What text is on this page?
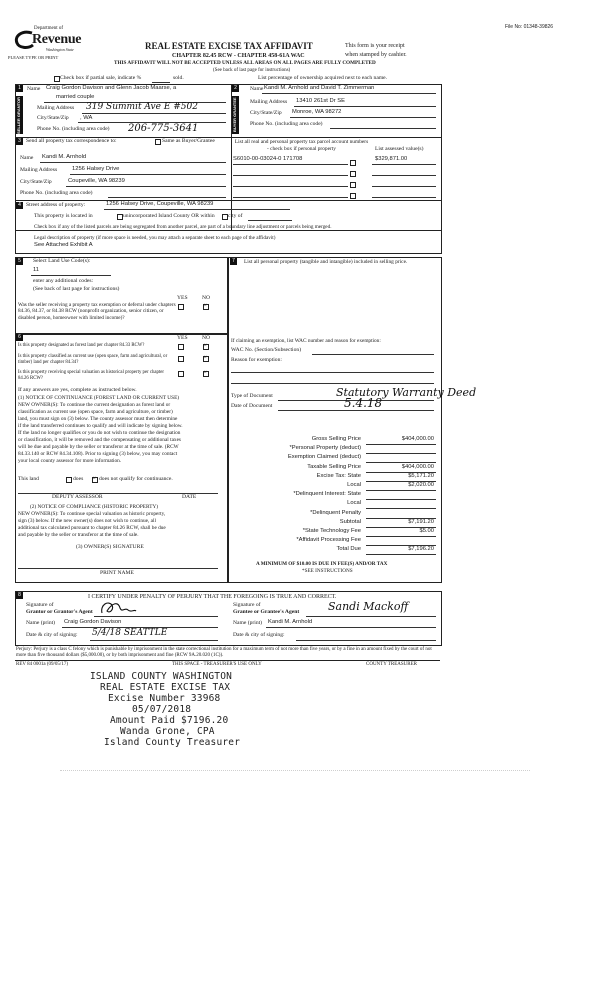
File No: 01348-39826
Department of
Revenue
Washington State
PLEASE TYPE OR PRINT
REAL ESTATE EXCISE TAX AFFIDAVIT
CHAPTER 82.45 RCW - CHAPTER 458-61A WAC
THIS AFFIDAVIT WILL NOT BE ACCEPTED UNLESS ALL AREAS ON ALL PAGES ARE FULLY COMPLETED
(See back of last page for instructions)
This form is your receipt
when stamped by cashier.
Check box if partial sale, indicate %	sold.	List percentage of ownership acquired next to each name.
1
SELLER GRANTOR
Name Craig Gordon Davison and Glenn Jacob Maarse, a
married couple
Mailing Address 319 Summit Ave E #502
City/State/Zip , WA
Phone No. (including area code) 206-775-3641
2
BUYER GRANTEE
Name Kandi M. Arnhold and David T. Zimmerman
Mailing Address 13410 261st Dr SE
City/State/Zip Monroe, WA 98272
Phone No. (including area code)
3 Send all property tax correspondence to:	Same as Buyer/Grantee
Name Kandi M. Arnhold
Mailing Address	1256 Halsey Drive
City/State/Zip	Coupeville, WA 98239
Phone No. (including area code)
List all real and personal property tax parcel account numbers - check box if personal property	List assessed value(s)
S6010-00-03024-0 171708	$329,871.00
4 Street address of property:	1256 Halsey Drive, Coupeville, WA 98239
This property is located in	unincorporated Island County OR within city of
Check box if any of the listed parcels are being segregated from another parcel, are part of a boundary line adjustment or parcels being merged.
Legal description of property (if more space is needed, you may attach a separate sheet to each page of the affidavit)
See Attached Exhibit A
5	Select Land Use Code(s):
11
enter any additional codes:
(See back of last page for instructions)
YES	NO
Was the seller receiving a property tax exemption or deferral under chapters 84.36, 84.37, or 84.38 RCW (nonprofit organization, senior citizen, or disabled person, homeowner with limited income)?
×
6	YES	NO
Is this property designated as forest land per chapter 84.33 RCW?
×
Is this property classified as current use (open space, farm and agricultural, or timber) land per chapter 84.34?
×
Is this property receiving special valuation as historical property per chapter 84.26 RCW?
×
If any answers are yes, complete as instructed below.
(1) NOTICE OF CONTINUANCE (FOREST LAND OR CURRENT USE)
NEW OWNER(S): To continue the current designation as forest land or
classification as current use (open space, farm and agriculture, or timber)
land, you must sign on (3) below. The county assessor must then determine
if the land transferred continues to qualify and will indicate by signing below.
If the land no longer qualifies or you do not wish to continue the designation
or classification, it will be removed and the compensating or additional taxes
will be due and payable by the seller or transferor at the time of sale. (RCW
84.33.140 or RCW 84.34.108). Prior to signing (3) below, you may contact
your local county assessor for more information.
This land	does
×	does not qualify for continuance.
DEPUTY ASSESSOR	DATE
(2) NOTICE OF COMPLIANCE (HISTORIC PROPERTY)
NEW OWNER(S): To continue special valuation as historic property,
sign (3) below. If the new owner(s) does not wish to continue, all
additional tax calculated pursuant to chapter 84.26 RCW, shall be due
and payable by the seller or transferor at the time of sale.
(3) OWNER(S) SIGNATURE
PRINT NAME
7	List all personal property (tangible and intangible) included in selling price.
If claiming an exemption, list WAC number and reason for exemption:
WAC No. (Section/Subsection)
Reason for exemption:
Type of Document	Statutory Warranty Deed
Date of Document	5.4.18
Gross Selling Price	$404,000.00
*Personal Property (deduct)
Exemption Claimed (deduct)
Taxable Selling Price	$404,000.00
Excise Tax: State	$5,171.20
Local	$2,020.00
*Delinquent Interest: State
Local
*Delinquent Penalty
Subtotal	$7,191.20
*State Technology Fee	$5.00
*Affidavit Processing Fee
Total Due	$7,196.20
A MINIMUM OF $10.00 IS DUE IN FEE(S) AND/OR TAX
*SEE INSTRUCTIONS
8	I CERTIFY UNDER PENALTY OF PERJURY THAT THE FOREGOING IS TRUE AND CORRECT.
Signature of
Grantor or Grantor's Agent
Signature of
Grantee or Grantee's Agent	Sandi Mackoff
Name (print) Craig Gordon Davison	Name (print) Kandi M. Arnhold
Date & city of signing: 5/4/18 SEATTLE	Date & city of signing:
Perjury: Perjury is a class C felony which is punishable by imprisonment in the state correctional institution for a maximum term of not more than five years, or by a fine in an amount fixed by the court of not more than five thousand dollars ($5,000.00), or by both imprisonment and fine (RCW 9A.20.020 (1C)).
REV 84 0001a (09/05/17)	THIS SPACE - TREASURER'S USE ONLY	COUNTY TREASURER
ISLAND COUNTY WASHINGTON
REAL ESTATE EXCISE TAX
Excise Number 33968
05/07/2018
Amount Paid $7196.20
Wanda Grone, CPA
Island County Treasurer
